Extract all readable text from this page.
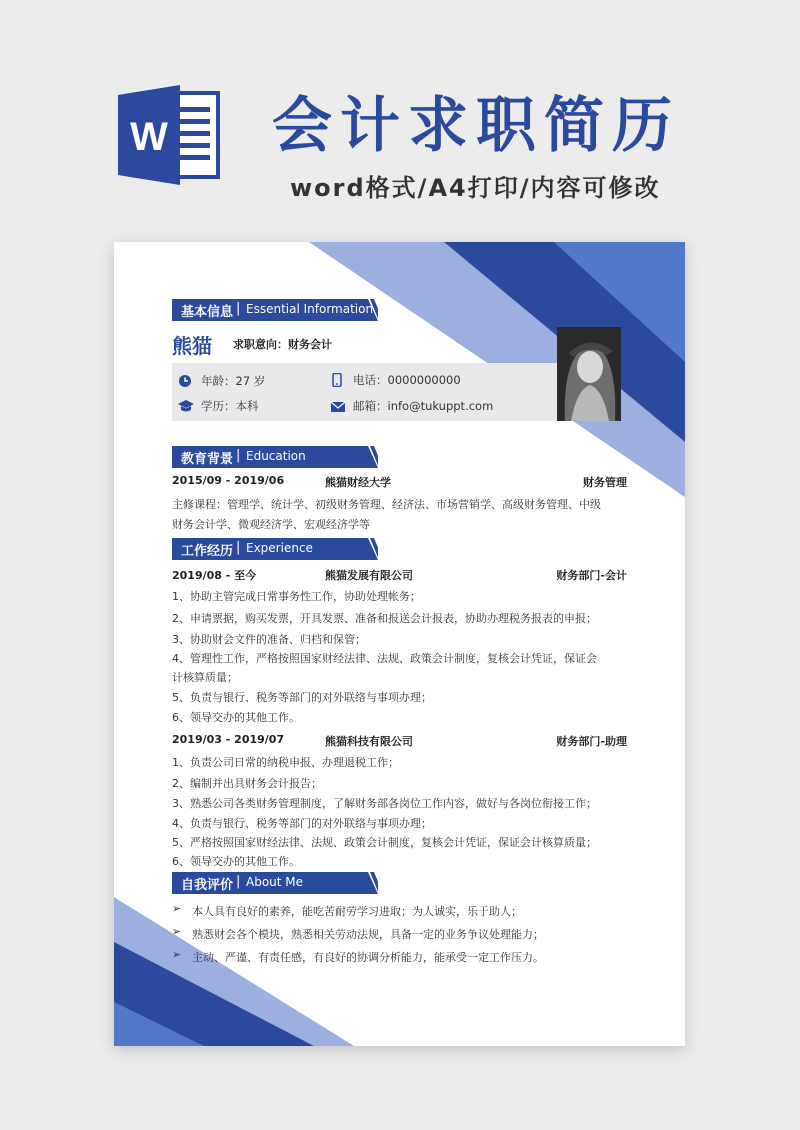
W 会计求职简历
word格式/A4打印/内容可修改
基本信息 | Essential Information
熊猫 求职意向：财务会计
年龄：27 岁	电话：0000000000
学历：本科	邮箱：info@tukuppt.com
教育背景 | Education
2015/09 - 2019/06	熊猫财经大学	财务管理
主修课程：管理学、统计学、初级财务管理、经济法、市场营销学、高级财务管理、中级
财务会计学、微观经济学、宏观经济学等
工作经历 | Experience
2019/08 - 至今	熊猫发展有限公司	财务部门-会计
1、协助主管完成日常事务性工作，协助处理帐务；
2、申请票据，购买发票，开具发票、准备和报送会计报表，协助办理税务报表的申报；
3、协助财会文件的准备、归档和保管；
4、管理性工作，严格按照国家财经法律、法规、政策会计制度，复核会计凭证，保证会
计核算质量；
5、负责与银行、税务等部门的对外联络与事项办理；
6、领导交办的其他工作。
2019/03 - 2019/07	熊猫科技有限公司	财务部门-助理
1、负责公司日常的纳税申报、办理退税工作；
2、编制并出具财务会计报告；
3、熟悉公司各类财务管理制度，了解财务部各岗位工作内容，做好与各岗位衔接工作；
4、负责与银行、税务等部门的对外联络与事项办理；
5、严格按照国家财经法律、法规、政策会计制度，复核会计凭证，保证会计核算质量；
6、领导交办的其他工作。
自我评价 | About Me
➢ 本人具有良好的素养，能吃苦耐劳学习进取；为人诚实，乐于助人；
➢ 熟悉财会各个模块，熟悉相关劳动法规，具备一定的业务争议处理能力；
➢ 主动、严谨、有责任感，有良好的协调分析能力，能承受一定工作压力。
